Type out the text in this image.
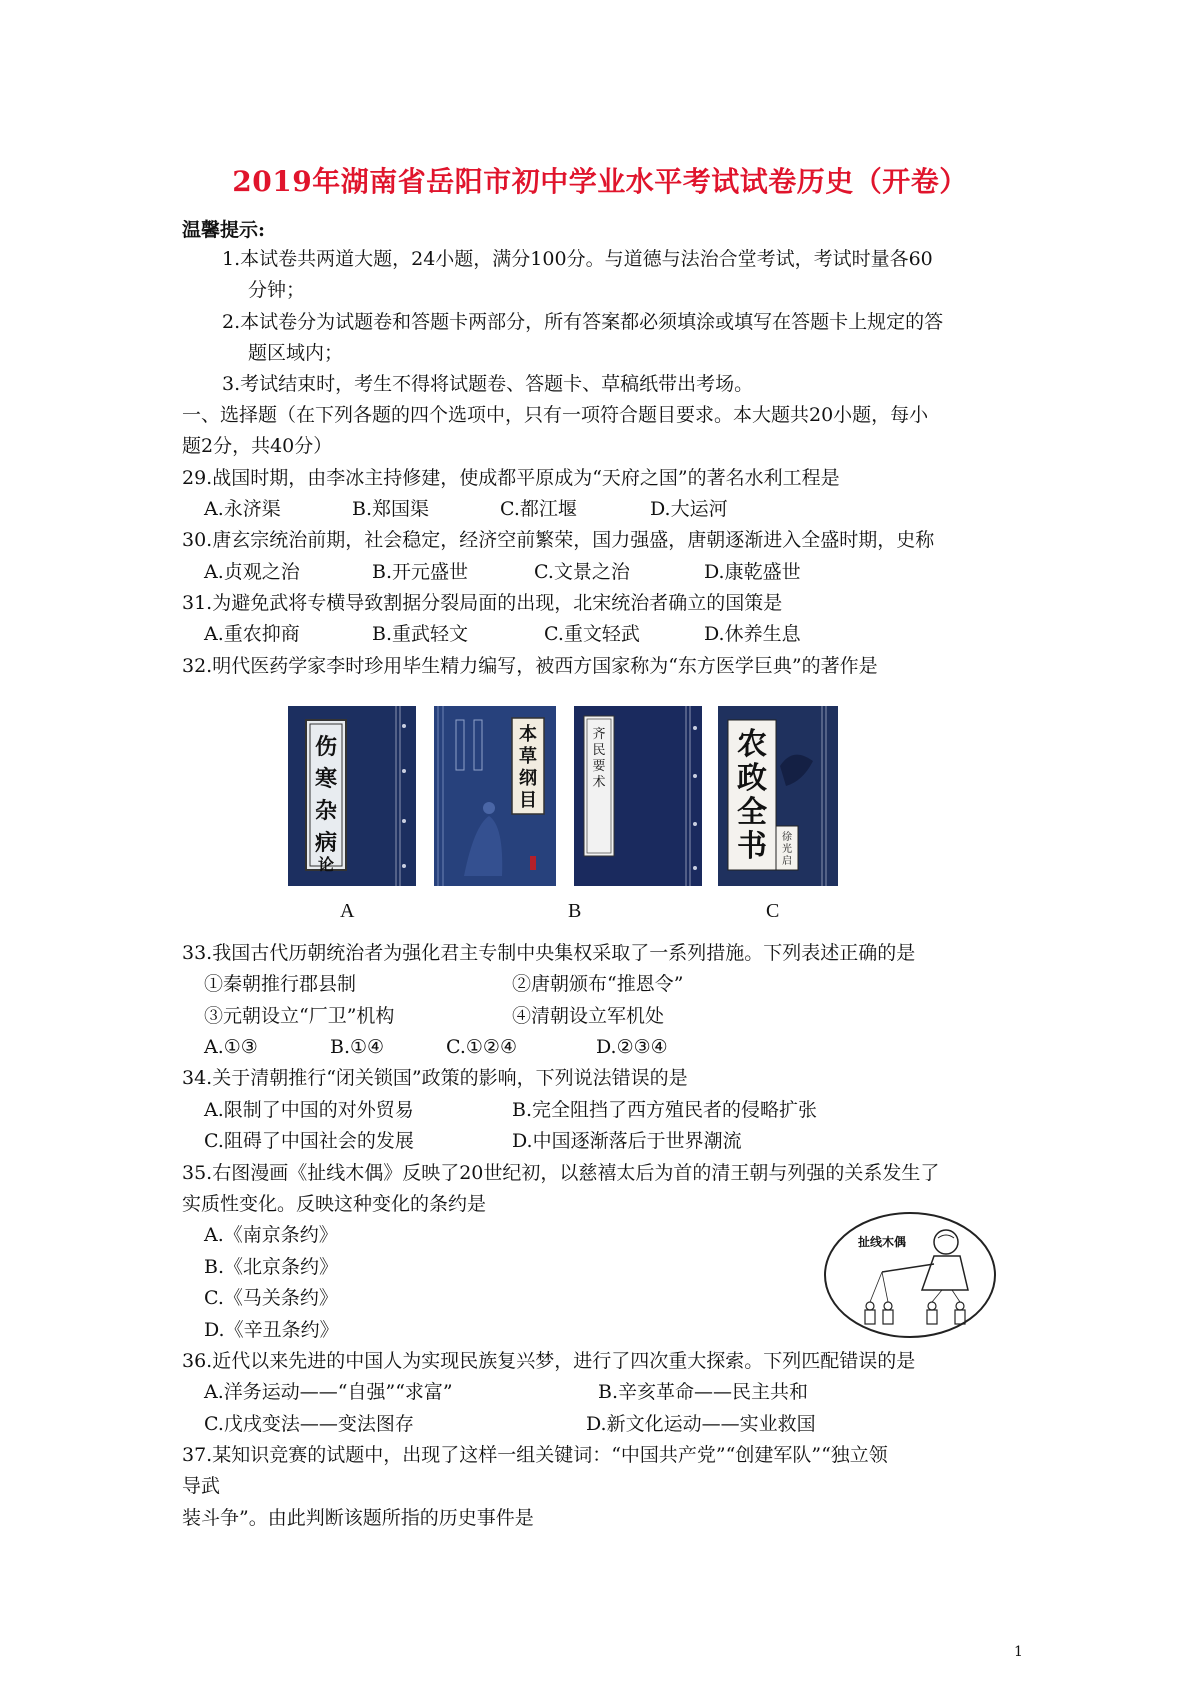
2019年湖南省岳阳市初中学业水平考试试卷历史（开卷）
温馨提示:
1.本试卷共两道大题，24小题，满分100分。与道德与法治合堂考试，考试时量各60
分钟；
2.本试卷分为试题卷和答题卡两部分，所有答案都必须填涂或填写在答题卡上规定的答
题区域内；
3.考试结束时，考生不得将试题卷、答题卡、草稿纸带出考场。
一、选择题（在下列各题的四个选项中，只有一项符合题目要求。本大题共20小题，每小
题2分，共40分）
29.战国时期，由李冰主持修建，使成都平原成为“天府之国”的著名水利工程是
A.永济渠	B.郑国渠	C.都江堰	D.大运河
30.唐玄宗统治前期，社会稳定，经济空前繁荣，国力强盛，唐朝逐渐进入全盛时期，史称
A.贞观之治	B.开元盛世	C.文景之治	D.康乾盛世
31.为避免武将专横导致割据分裂局面的出现，北宋统治者确立的国策是
A.重农抑商	B.重武轻文	C.重文轻武	D.休养生息
32.明代医药学家李时珍用毕生精力编写，被西方国家称为“东方医学巨典”的著作是
伤
寒
杂
病
论
本
草
纲
目
齐
民
要
术
农
政
全
书 徐
光
启
A	B	C
33.我国古代历朝统治者为强化君主专制中央集权采取了一系列措施。下列表述正确的是
①秦朝推行郡县制	②唐朝颁布“推恩令”
③元朝设立“厂卫”机构	④清朝设立军机处
A.①③	B.①④	C.①②④	D.②③④
34.关于清朝推行“闭关锁国”政策的影响，下列说法错误的是
A.限制了中国的对外贸易	B.完全阻挡了西方殖民者的侵略扩张
C.阻碍了中国社会的发展	D.中国逐渐落后于世界潮流
35.右图漫画《扯线木偶》反映了20世纪初，以慈禧太后为首的清王朝与列强的关系发生了
实质性变化。反映这种变化的条约是
A.《南京条约》
B.《北京条约》
C.《马关条约》
D.《辛丑条约》
扯线木偶
36.近代以来先进的中国人为实现民族复兴梦，进行了四次重大探索。下列匹配错误的是
A.洋务运动——“自强”“求富”	B.辛亥革命——民主共和
C.戊戌变法——变法图存	D.新文化运动——实业救国
37.某知识竞赛的试题中，出现了这样一组关键词：“中国共产党”“创建军队”“独立领
导武
装斗争”。由此判断该题所指的历史事件是
1
